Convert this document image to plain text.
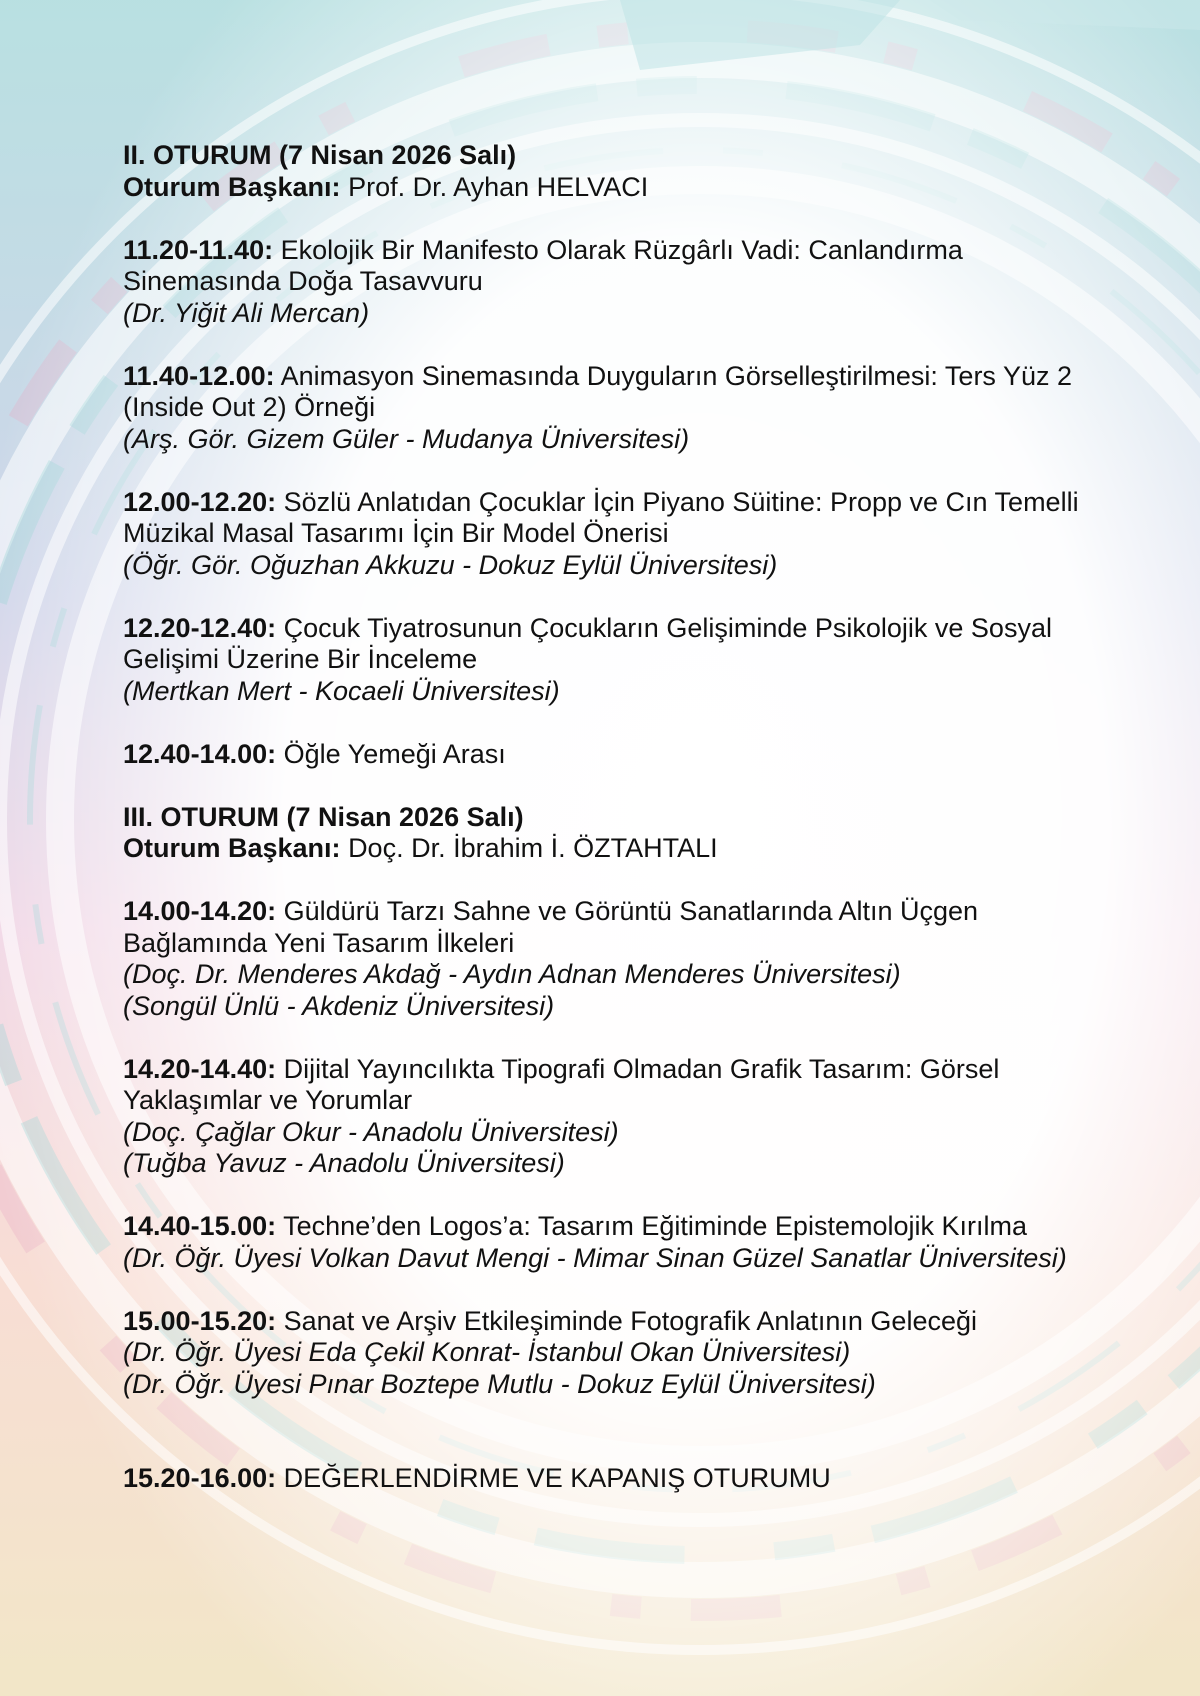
II. OTURUM (7 Nisan 2026 Salı)
Oturum Başkanı: Prof. Dr. Ayhan HELVACI
11.20-11.40: Ekolojik Bir Manifesto Olarak Rüzgârlı Vadi: Canlandırma Sinemasında Doğa Tasavvuru
(Dr. Yiğit Ali Mercan)
11.40-12.00: Animasyon Sinemasında Duyguların Görselleştirilmesi: Ters Yüz 2 (Inside Out 2) Örneği
(Arş. Gör. Gizem Güler - Mudanya Üniversitesi)
12.00-12.20: Sözlü Anlatıdan Çocuklar İçin Piyano Süitine: Propp ve Cın Temelli Müzikal Masal Tasarımı İçin Bir Model Önerisi
(Öğr. Gör. Oğuzhan Akkuzu - Dokuz Eylül Üniversitesi)
12.20-12.40: Çocuk Tiyatrosunun Çocukların Gelişiminde Psikolojik ve Sosyal Gelişimi Üzerine Bir İnceleme
(Mertkan Mert - Kocaeli Üniversitesi)
12.40-14.00: Öğle Yemeği Arası
III. OTURUM (7 Nisan 2026 Salı)
Oturum Başkanı: Doç. Dr. İbrahim İ. ÖZTAHTALI
14.00-14.20: Güldürü Tarzı Sahne ve Görüntü Sanatlarında Altın Üçgen Bağlamında Yeni Tasarım İlkeleri
(Doç. Dr. Menderes Akdağ - Aydın Adnan Menderes Üniversitesi)
(Songül Ünlü - Akdeniz Üniversitesi)
14.20-14.40: Dijital Yayıncılıkta Tipografi Olmadan Grafik Tasarım: Görsel Yaklaşımlar ve Yorumlar
(Doç. Çağlar Okur - Anadolu Üniversitesi)
(Tuğba Yavuz - Anadolu Üniversitesi)
14.40-15.00: Techne’den Logos’a: Tasarım Eğitiminde Epistemolojik Kırılma
(Dr. Öğr. Üyesi Volkan Davut Mengi - Mimar Sinan Güzel Sanatlar Üniversitesi)
15.00-15.20: Sanat ve Arşiv Etkileşiminde Fotografik Anlatının Geleceği
(Dr. Öğr. Üyesi Eda Çekil Konrat- İstanbul Okan Üniversitesi)
(Dr. Öğr. Üyesi Pınar Boztepe Mutlu - Dokuz Eylül Üniversitesi)
15.20-16.00: DEĞERLENDİRME VE KAPANIŞ OTURUMU
